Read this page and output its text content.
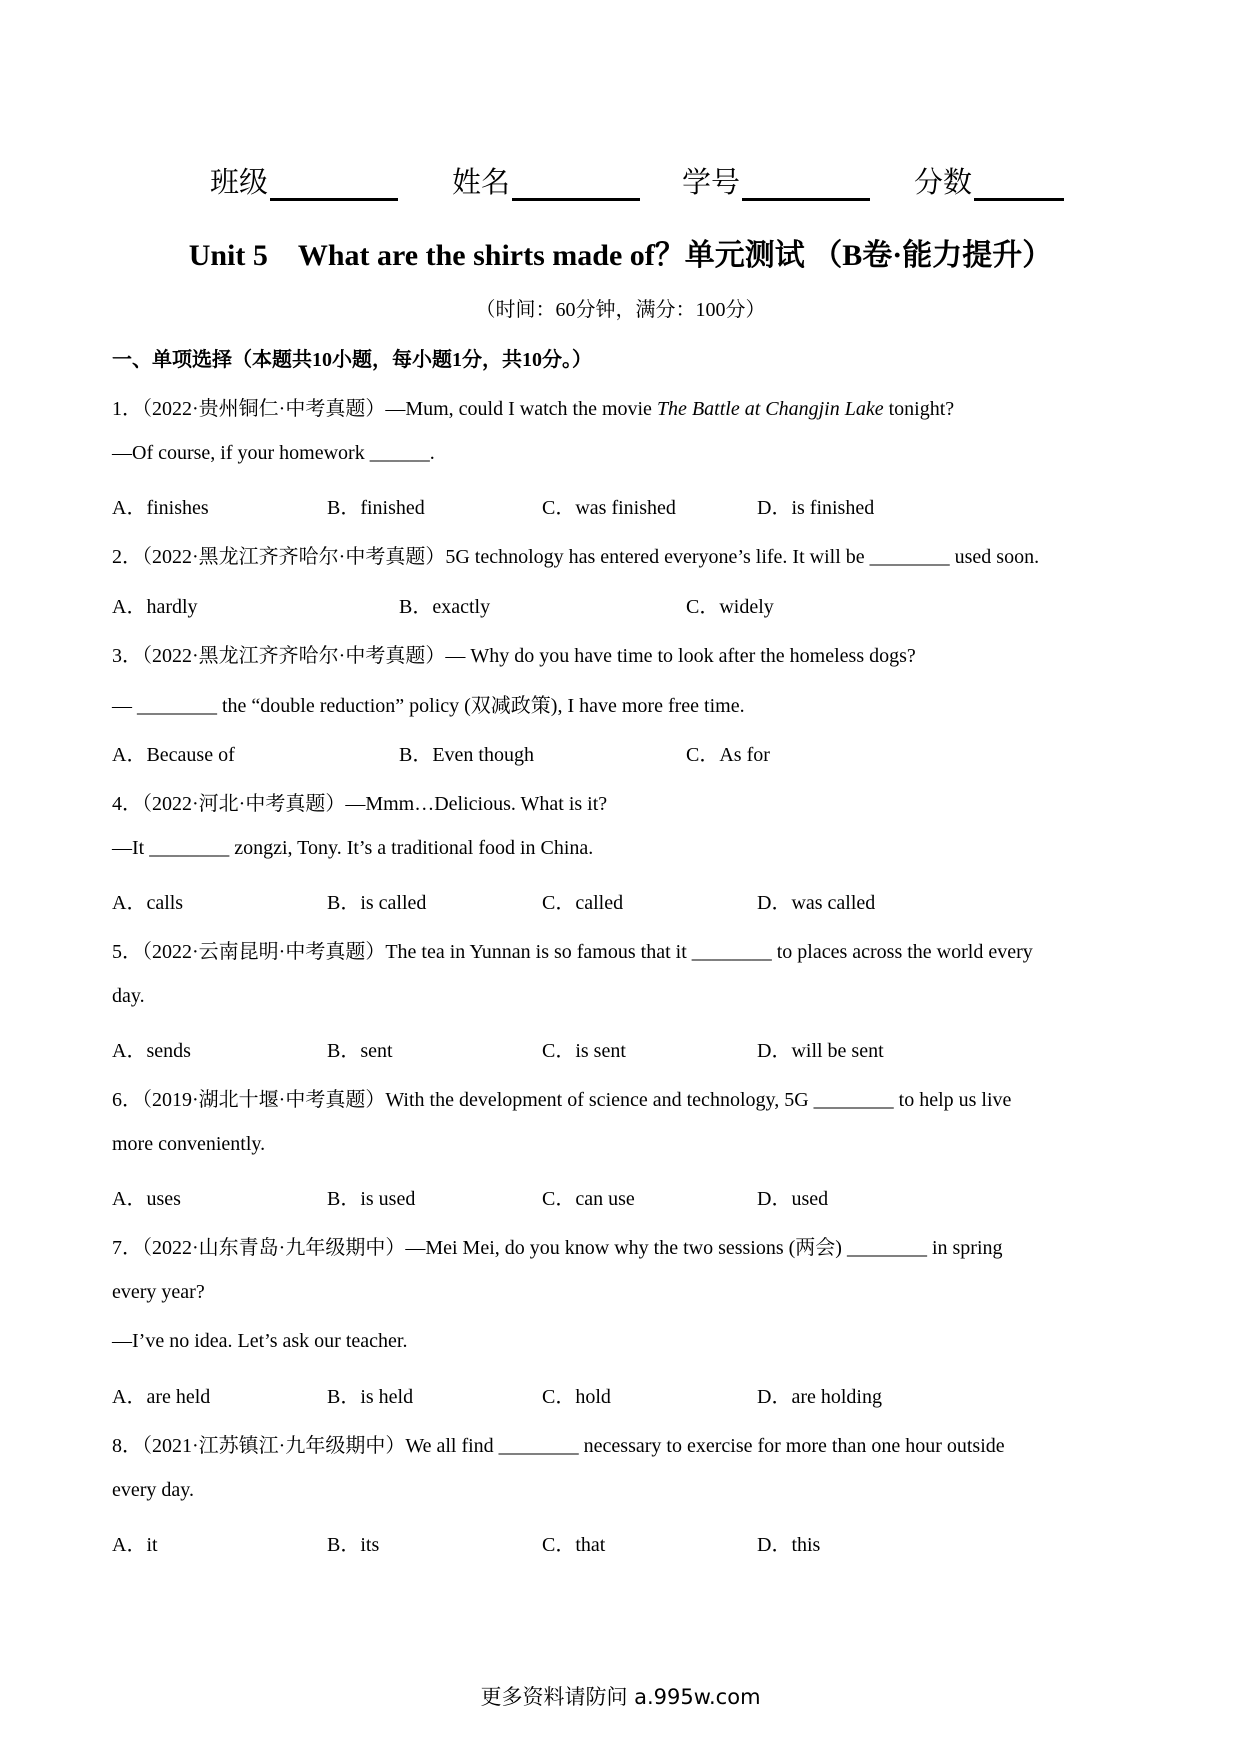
班级	姓名	学号	分数
Unit 5　What are the shirts made of？单元测试 （B卷·能力提升）
（时间：60分钟，满分：100分）
一、单项选择（本题共10小题，每小题1分，共10分。）
1．（2022·贵州铜仁·中考真题）—Mum, could I watch the movie The Battle at Changjin Lake tonight?
—Of course, if your homework ______.
A．finishes	B．finished	C．was finished	D．is finished
2．（2022·黑龙江齐齐哈尔·中考真题）5G technology has entered everyone’s life. It will be ________ used soon.
A．hardly	B．exactly	C．widely
3．（2022·黑龙江齐齐哈尔·中考真题）— Why do you have time to look after the homeless dogs?
— ________ the “double reduction” policy (双减政策), I have more free time.
A．Because of	B．Even though	C．As for
4．（2022·河北·中考真题）—Mmm…Delicious. What is it?
—It ________ zongzi, Tony. It’s a traditional food in China.
A．calls	B．is called	C．called	D．was called
5．（2022·云南昆明·中考真题）The tea in Yunnan is so famous that it ________ to places across the world every
day.
A．sends	B．sent	C．is sent	D．will be sent
6．（2019·湖北十堰·中考真题）With the development of science and technology, 5G ________ to help us live
more conveniently.
A．uses	B．is used	C．can use	D．used
7．（2022·山东青岛·九年级期中）—Mei Mei, do you know why the two sessions (两会) ________ in spring
every year?
—I’ve no idea. Let’s ask our teacher.
A．are held	B．is held	C．hold	D．are holding
8．（2021·江苏镇江·九年级期中）We all find ________ necessary to exercise for more than one hour outside
every day.
A．it	B．its	C．that	D．this
更多资料请防问 a.995w.com
